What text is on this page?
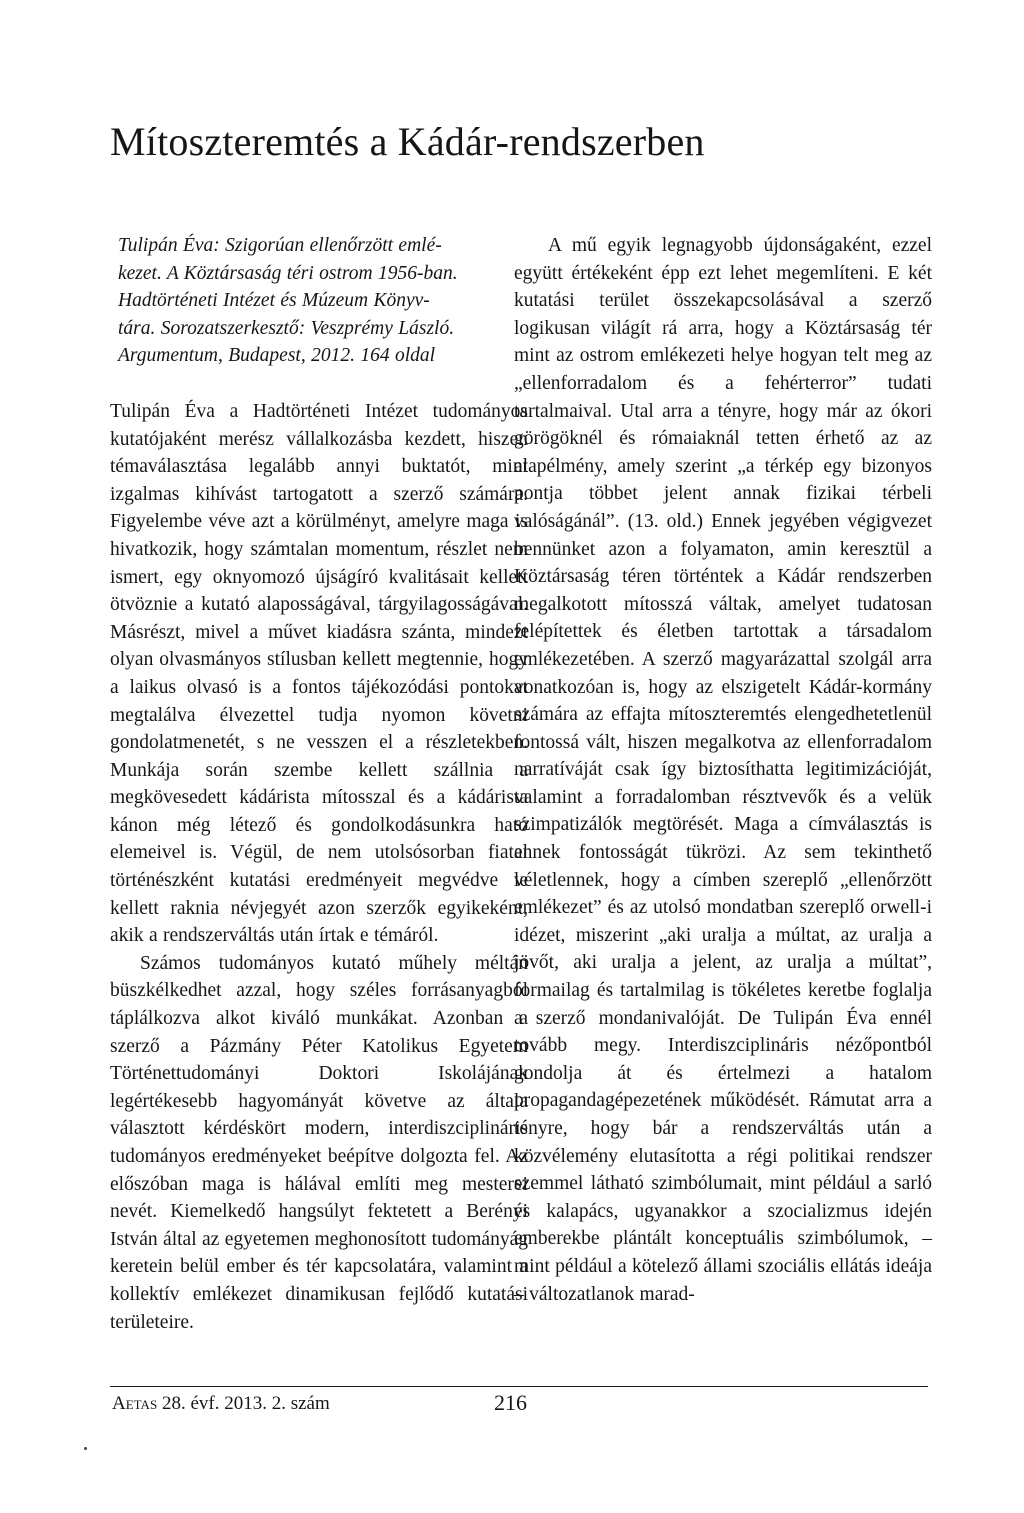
Mítoszteremtés a Kádár-rendszerben
Tulipán Éva: Szigorúan ellenőrzött emlé-
kezet. A Köztársaság téri ostrom 1956-ban.
Hadtörténeti Intézet és Múzeum Könyv-
tára. Sorozatszerkesztő: Veszprémy László.
Argumentum, Budapest, 2012. 164 oldal

Tulipán Éva a Hadtörténeti Intézet tudományos kutatójaként merész vállalkozásba kezdett, hiszen témaválasztása legalább annyi buktatót, mint izgalmas kihívást tartogatott a szerző számára. Figyelembe véve azt a körülményt, amelyre maga is hivatkozik, hogy számtalan momentum, részlet nem ismert, egy oknyomozó újságíró kvalitásait kellett ötvöznie a kutató alaposságával, tárgyilagosságával. Másrészt, mivel a művet kiadásra szánta, mindezt olyan olvasmányos stílusban kellett megtennie, hogy a laikus olvasó is a fontos tájékozódási pontokat megtalálva élvezettel tudja nyomon követni gondolatmenetét, s ne vesszen el a részletekben. Munkája során szembe kellett szállnia a megkövesedett kádárista mítosszal és a kádárista kánon még létező és gondolkodásunkra ható elemeivel is. Végül, de nem utolsósorban fiatal történészként kutatási eredményeit megvédve le kellett raknia névjegyét azon szerzők egyikeként, akik a rendszerváltás után írtak e témáról.

Számos tudományos kutató műhely méltán büszkélkedhet azzal, hogy széles forrásanyagból táplálkozva alkot kiváló munkákat. Azonban a szerző a Pázmány Péter Katolikus Egyetem Történettudományi Doktori Iskolájának legértékesebb hagyományát követve az általa választott kérdéskört modern, interdiszciplináris tudományos eredményeket beépítve dolgozta fel. Az előszóban maga is hálával említi meg mesterei nevét. Kiemelkedő hangsúlyt fektetett a Berényi István által az egyetemen meghonosított tudományág keretein belül ember és tér kapcsolatára, valamint a kollektív emlékezet dinamikusan fejlődő kutatási területeire.

A mű egyik legnagyobb újdonságaként, ezzel együtt értékeként épp ezt lehet megemlíteni. E két kutatási terület összekapcsolásával a szerző logikusan világít rá arra, hogy a Köztársaság tér mint az ostrom emlékezeti helye hogyan telt meg az „ellenforradalom és a fehérterror” tudati tartalmaival. Utal arra a tényre, hogy már az ókori görögöknél és rómaiaknál tetten érhető az az alapélmény, amely szerint „a térkép egy bizonyos pontja többet jelent annak fizikai térbeli valóságánál”. (13. old.) Ennek jegyében végigvezet bennünket azon a folyamaton, amin keresztül a Köztársaság téren történtek a Kádár rendszerben megalkotott mítosszá váltak, amelyet tudatosan felépítettek és életben tartottak a társadalom emlékezetében. A szerző magyarázattal szolgál arra vonatkozóan is, hogy az elszigetelt Kádár-kormány számára az effajta mítoszteremtés elengedhetetlenül fontossá vált, hiszen megalkotva az ellenforradalom narratíváját csak így biztosíthatta legitimizációját, valamint a forradalomban résztvevők és a velük szimpatizálók megtörését. Maga a címválasztás is ennek fontosságát tükrözi. Az sem tekinthető véletlennek, hogy a címben szereplő „ellenőrzött emlékezet” és az utolsó mondatban szereplő orwell-i idézet, miszerint „aki uralja a múltat, az uralja a jövőt, aki uralja a jelent, az uralja a múltat”, formailag és tartalmilag is tökéletes keretbe foglalja a szerző mondanivalóját. De Tulipán Éva ennél tovább megy. Interdiszciplináris nézőpontból gondolja át és értelmezi a hatalom propagandagépezetének működését. Rámutat arra a tényre, hogy bár a rendszerváltás után a közvélemény elutasította a régi politikai rendszer szemmel látható szimbólumait, mint például a sarló és kalapács, ugyanakkor a szocializmus idején emberekbe plántált konceptuális szimbólumok, – mint például a kötelező állami szociális ellátás ideája – változatlanok marad-

Aetas 28. évf. 2013. 2. szám	216
